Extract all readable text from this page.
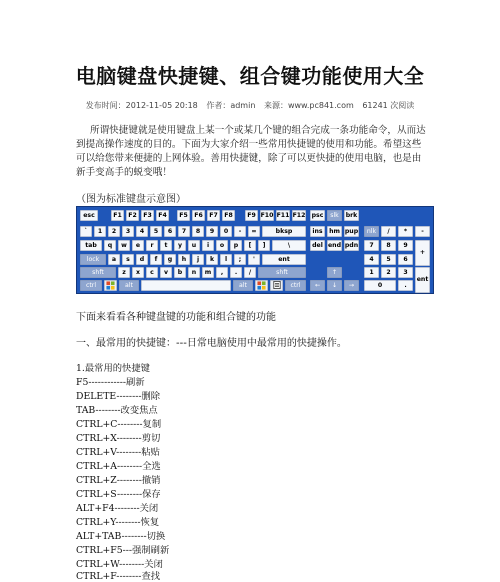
电脑键盘快捷键、组合键功能使用大全
发布时间：2012-11-05 20:18 作者：admin 来源：www.pc841.com 61241 次阅读
所谓快捷键就是使用键盘上某一个或某几个键的组合完成一条功能命令，从而达到提高操作速度的目的。下面为大家介绍一些常用快捷键的使用和功能。希望这些可以给您带来便捷的上网体验。善用快捷键，除了可以更快捷的使用电脑，也是由新手变高手的蜕变哦！
（图为标准键盘示意图）
esc	F1	F2	F3	F4	F5	F6	F7	F8	F9 F10 F11 F12 psc	slk	brk
`	1	2	3	4	5	6	7	8	9	0	-	=	bksp	ins	hm pup	nlk	/	*	-
tab	q	w	e	r	t	y	u	i	o	p	[	]	\	del end pdn	7	8	9
+
lock	a	s	d	f	g	h	j	k	l	;	'	ent	4	5	6
shft	z	x	c	v	b	n	m	,	.	/	shft	↑	1	2	3
ent
ctrl	alt	alt	ctrl	←	↓	→	0	.
下面来看看各种键盘键的功能和组合键的功能
一、最常用的快捷键：---日常电脑使用中最常用的快捷操作。
1.最常用的快捷键
F5------------刷新
DELETE--------删除
TAB--------改变焦点
CTRL+C--------复制
CTRL+X--------剪切
CTRL+V--------粘贴
CTRL+A--------全选
CTRL+Z--------撤销
CTRL+S--------保存
ALT+F4--------关闭
CTRL+Y--------恢复
ALT+TAB--------切换
CTRL+F5---强制刷新
CTRL+W--------关闭
CTRL+F--------查找
